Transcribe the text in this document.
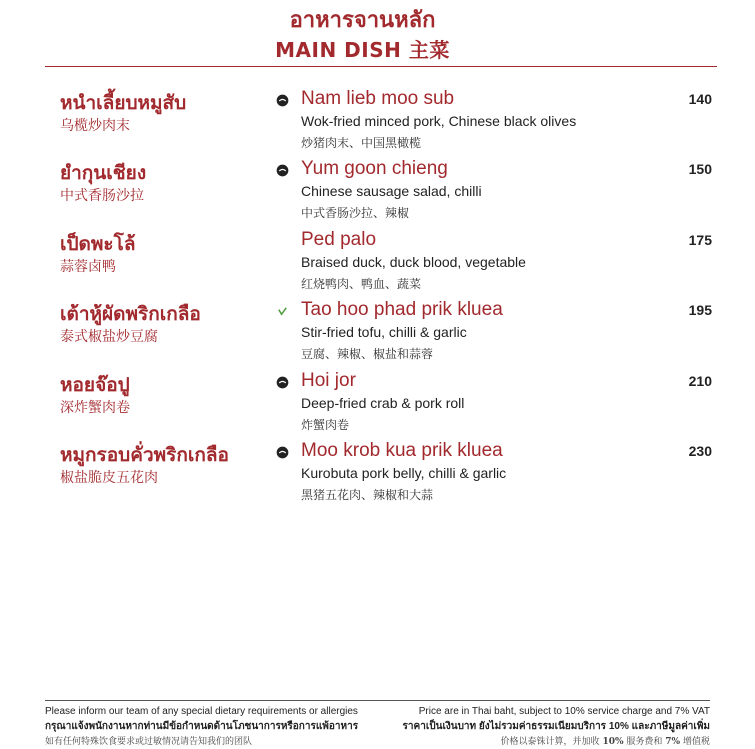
อาหารจานหลัก
MAIN DISH 主菜
หนำเลี้ยบหมูสับ
乌榄炒肉末
Nam lieb moo sub
Wok-fried minced pork, Chinese black olives
炒猪肉末、中国黑橄榄
140
ยำกุนเชียง
中式香肠沙拉
Yum goon chieng
Chinese sausage salad, chilli
中式香肠沙拉、辣椒
150
เป็ดพะโล้
蒜蓉卤鸭
Ped palo
Braised duck, duck blood, vegetable
红烧鸭肉、鸭血、蔬菜
175
เต้าหู้ผัดพริกเกลือ
泰式椒盐炒豆腐
Tao hoo phad prik kluea
Stir-fried tofu, chilli & garlic
豆腐、辣椒、椒盐和蒜蓉
195
หอยจ๊อปู
深炸蟹肉卷
Hoi jor
Deep-fried crab & pork roll
炸蟹肉卷
210
หมูกรอบคั่วพริกเกลือ
椒盐脆皮五花肉
Moo krob kua prik kluea
Kurobuta pork belly, chilli & garlic
黑猪五花肉、辣椒和大蒜
230
Please inform our team of any special dietary requirements or allergies
กรุณาแจ้งพนักงานหากท่านมีข้อกำหนดด้านโภชนาการหรือการแพ้อาหาร
如有任何特殊饮食要求或过敏情况请告知我们的团队
Price are in Thai baht, subject to 10% service charge and 7% VAT
ราคาเป็นเงินบาท ยังไม่รวมค่าธรรมเนียมบริการ 10% และภาษีมูลค่าเพิ่ม
价格以泰铢计算，并加收 10% 服务费和 7% 增值税
